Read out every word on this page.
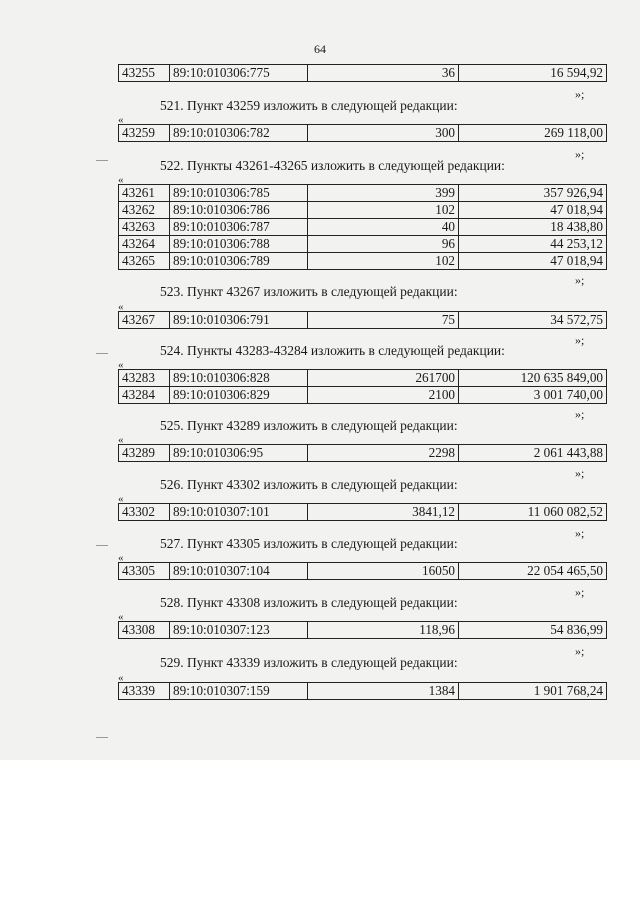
64
43255	89:10:010306:775	36	16 594,92
»;
521. Пункт 43259 изложить в следующей редакции:
«
43259	89:10:010306:782	300	269 118,00
»;
522. Пункты 43261-43265 изложить в следующей редакции:
«
43261	89:10:010306:785	399	357 926,94
43262	89:10:010306:786	102	47 018,94
43263	89:10:010306:787	40	18 438,80
43264	89:10:010306:788	96	44 253,12
43265	89:10:010306:789	102	47 018,94
»;
523. Пункт 43267 изложить в следующей редакции:
«
43267	89:10:010306:791	75	34 572,75
»;
524. Пункты 43283-43284 изложить в следующей редакции:
«
43283	89:10:010306:828	261700	120 635 849,00
43284	89:10:010306:829	2100	3 001 740,00
»;
525. Пункт 43289 изложить в следующей редакции:
«
43289	89:10:010306:95	2298	2 061 443,88
»;
526. Пункт 43302 изложить в следующей редакции:
«
43302	89:10:010307:101	3841,12	11 060 082,52
»;
527. Пункт 43305 изложить в следующей редакции:
«
43305	89:10:010307:104	16050	22 054 465,50
»;
528. Пункт 43308 изложить в следующей редакции:
«
43308	89:10:010307:123	118,96	54 836,99
»;
529. Пункт 43339 изложить в следующей редакции:
«
43339	89:10:010307:159	1384	1 901 768,24
